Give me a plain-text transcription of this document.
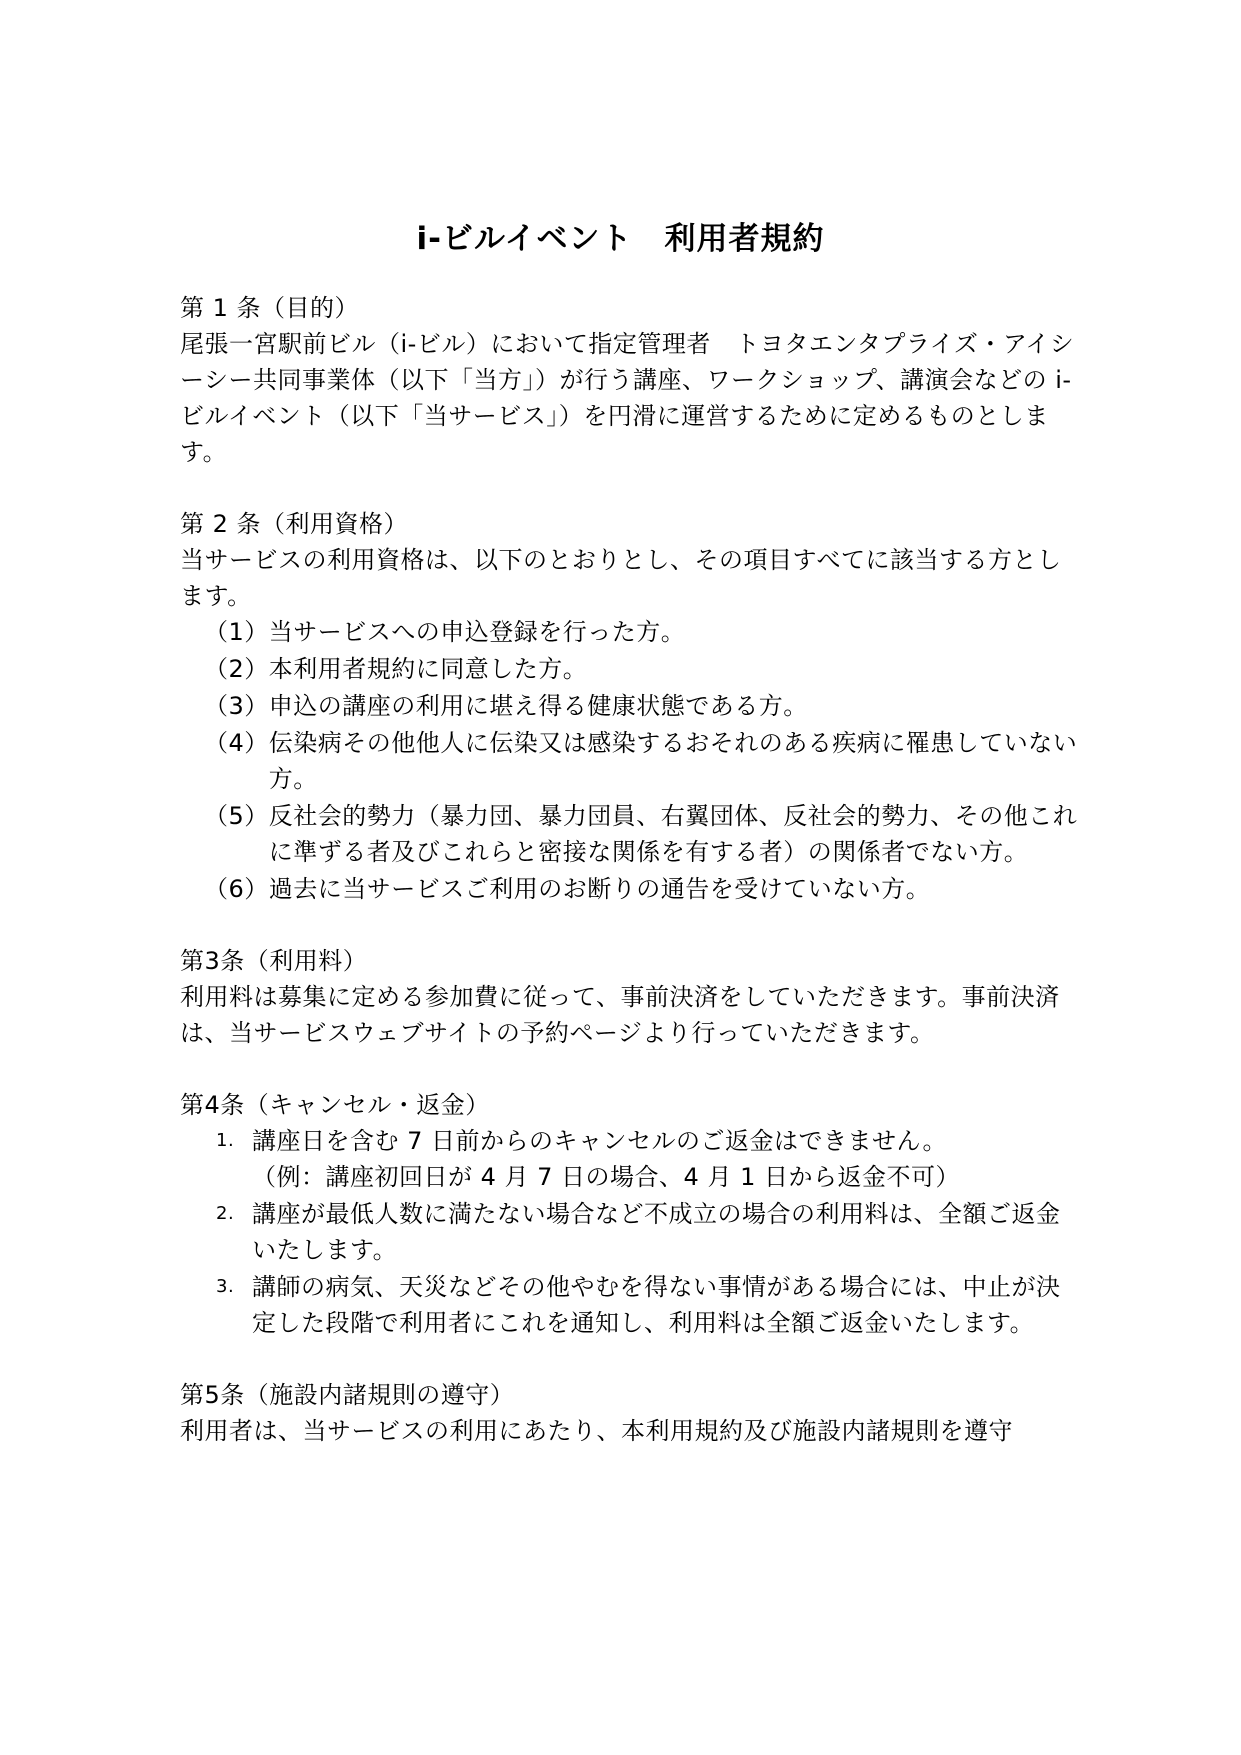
i-ビルイベント　利用者規約

第 1 条（目的）

尾張一宮駅前ビル（i-ビル）において指定管理者　トヨタエンタプライズ・アイシーシー共同事業体（以下「当方」）が行う講座、ワークショップ、講演会などの i-ビルイベント（以下「当サービス」）を円滑に運営するために定めるものとします。

第 2 条（利用資格）

当サービスの利用資格は、以下のとおりとし、その項目すべてに該当する方とします。

（1） 当サービスへの申込登録を行った方。
（2） 本利用者規約に同意した方。
（3） 申込の講座の利用に堪え得る健康状態である方。
（4） 伝染病その他他人に伝染又は感染するおそれのある疾病に罹患していない方。
（5） 反社会的勢力（暴力団、暴力団員、右翼団体、反社会的勢力、その他これに準ずる者及びこれらと密接な関係を有する者）の関係者でない方。
（6） 過去に当サービスご利用のお断りの通告を受けていない方。

第3条（利用料）

利用料は募集に定める参加費に従って、事前決済をしていただきます。事前決済は、当サービスウェブサイトの予約ページより行っていただきます。

第4条（キャンセル・返金）

1. 講座日を含む 7 日前からのキャンセルのご返金はできません。
（例：講座初回日が 4 月 7 日の場合、4 月 1 日から返金不可）
2. 講座が最低人数に満たない場合など不成立の場合の利用料は、全額ご返金いたします。
3. 講師の病気、天災などその他やむを得ない事情がある場合には、中止が決定した段階で利用者にこれを通知し、利用料は全額ご返金いたします。

第5条（施設内諸規則の遵守）

利用者は、当サービスの利用にあたり、本利用規約及び施設内諸規則を遵守
